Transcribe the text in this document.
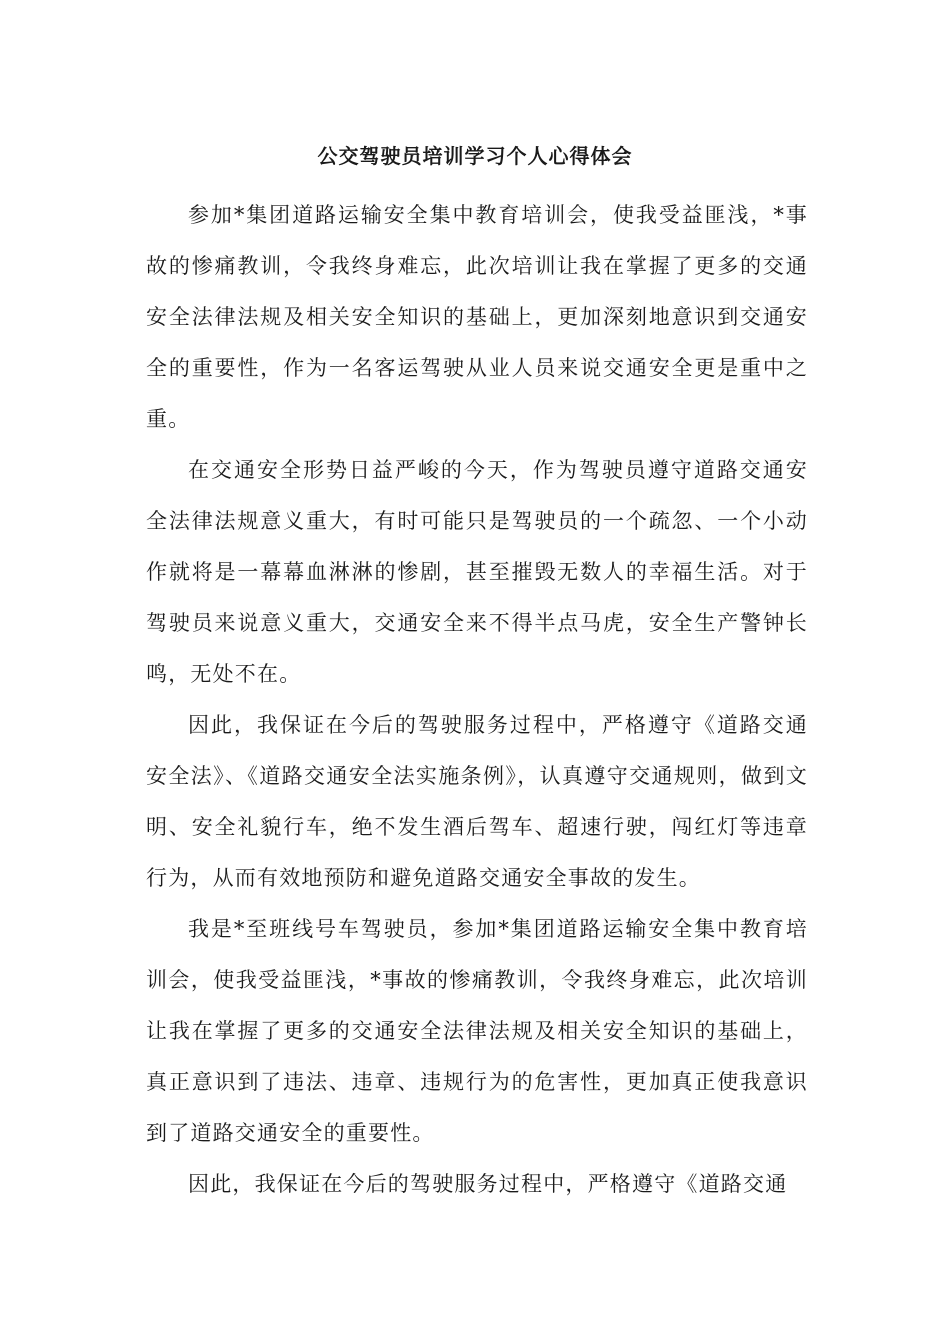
公交驾驶员培训学习个人心得体会

参加*集团道路运输安全集中教育培训会，使我受益匪浅，*事故的惨痛教训，令我终身难忘，此次培训让我在掌握了更多的交通安全法律法规及相关安全知识的基础上，更加深刻地意识到交通安全的重要性，作为一名客运驾驶从业人员来说交通安全更是重中之重。

在交通安全形势日益严峻的今天，作为驾驶员遵守道路交通安全法律法规意义重大，有时可能只是驾驶员的一个疏忽、一个小动作就将是一幕幕血淋淋的惨剧，甚至摧毁无数人的幸福生活。对于驾驶员来说意义重大，交通安全来不得半点马虎，安全生产警钟长鸣，无处不在。

因此，我保证在今后的驾驶服务过程中，严格遵守《道路交通安全法》、《道路交通安全法实施条例》，认真遵守交通规则，做到文明、安全礼貌行车，绝不发生酒后驾车、超速行驶，闯红灯等违章行为，从而有效地预防和避免道路交通安全事故的发生。

我是*至班线号车驾驶员，参加*集团道路运输安全集中教育培训会，使我受益匪浅，*事故的惨痛教训，令我终身难忘，此次培训让我在掌握了更多的交通安全法律法规及相关安全知识的基础上，真正意识到了违法、违章、违规行为的危害性，更加真正使我意识到了道路交通安全的重要性。

因此，我保证在今后的驾驶服务过程中，严格遵守《道路交通
